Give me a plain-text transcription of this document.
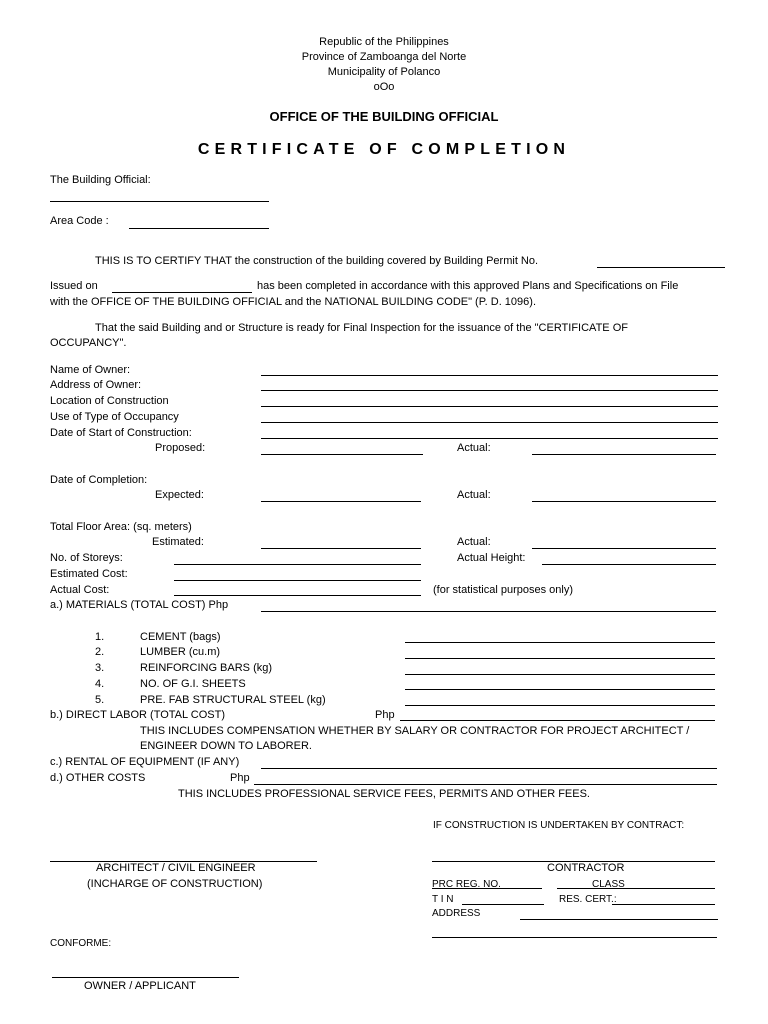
Republic of the Philippines
Province of Zamboanga del Norte
Municipality of Polanco
oOo
OFFICE OF THE BUILDING OFFICIAL
CERTIFICATE OF COMPLETION
The Building Official:
Area Code :
THIS IS TO CERTIFY THAT the construction of the building covered by Building Permit No.
Issued on	has been completed in accordance with this approved Plans and Specifications on File
with the OFFICE OF THE BUILDING OFFICIAL and the NATIONAL BUILDING CODE" (P. D. 1096).
That the said Building and or Structure is ready for Final Inspection for the issuance of the "CERTIFICATE OF
OCCUPANCY".
Name of Owner:
Address of Owner:
Location of Construction
Use of Type of Occupancy
Date of Start of Construction:
Proposed:	Actual:
Date of Completion:
Expected:	Actual:
Total Floor Area: (sq. meters)
Estimated:	Actual:
No. of Storeys:	Actual Height:
Estimated Cost:
Actual Cost:	(for statistical purposes only)
a.) MATERIALS (TOTAL COST) Php
1.	CEMENT (bags)
2.	LUMBER (cu.m)
3.	REINFORCING BARS (kg)
4.	NO. OF G.I. SHEETS
5.	PRE. FAB STRUCTURAL STEEL (kg)
b.) DIRECT LABOR (TOTAL COST)	Php
THIS INCLUDES COMPENSATION WHETHER BY SALARY OR CONTRACTOR FOR PROJECT ARCHITECT /
ENGINEER DOWN TO LABORER.
c.) RENTAL OF EQUIPMENT (IF ANY)
d.) OTHER COSTS	Php
THIS INCLUDES PROFESSIONAL SERVICE FEES, PERMITS AND OTHER FEES.
IF CONSTRUCTION IS UNDERTAKEN BY CONTRACT:
ARCHITECT / CIVIL ENGINEER
(INCHARGE OF CONSTRUCTION)
CONTRACTOR
PRC REG. NO.	CLASS
T I N	RES. CERT.:
ADDRESS
CONFORME:
OWNER / APPLICANT
